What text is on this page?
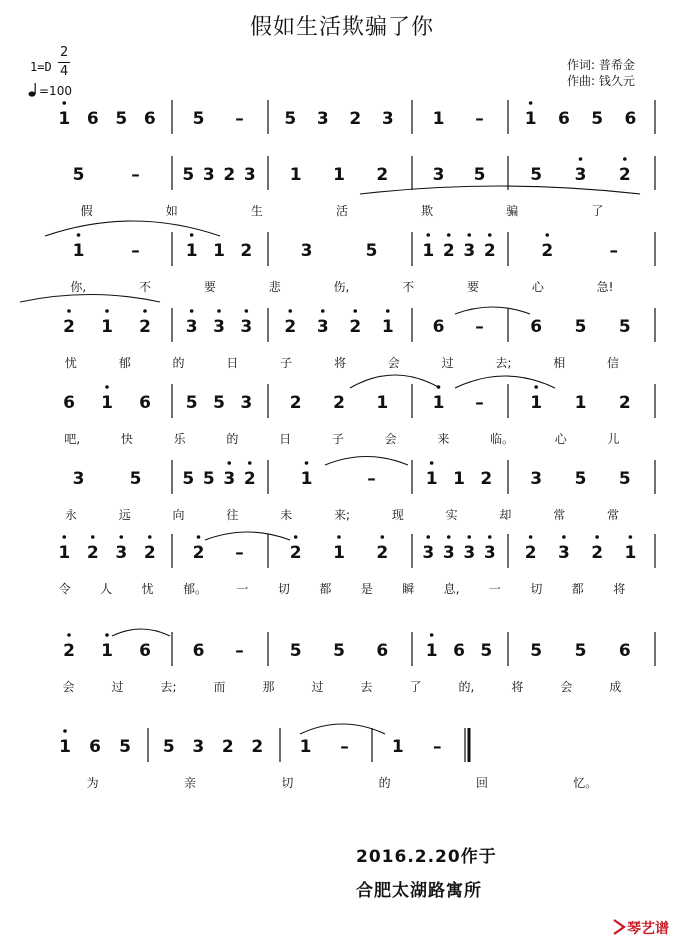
假如生活欺骗了你
1=D
2
4
=100
作词: 普希金
作曲: 钱久元
1 6 5 6 5 – 5 3 2 3 1 – 1 6 5 6
5	–	5 3 2 3 1 1 2	3 5	5 3 2
1	–	1 1 2	3	5	1 2 3 2	2	–
2 1 2 3 3 3 2 3 2 1 6 –	6 5 5
6 1 6 5 5 3 2 2 1	1 –	1 1 2
3	5 5 5 3 2	1	–	1 1 2 3 5 5
1 2 3 2 2 –	2 1 2 3 3 3 3 2 3 2 1
2 1 6 6 –	5 5 6 1 6 5 5 5 6
1 6 5 5 3 2 2 1 –	1 –
假	如	生	活	欺	骗	了
你,	不	要	悲	伤,	不	要	心	急!
忧	郁	的	日	子	将	会	过	去;	相	信
吧,	快	乐	的	日	子	会	来	临。	心	儿
永	远	向	往	未	来;	现	实	却	常	常
令 人 忧 郁。 一 切 都 是 瞬 息, 一 切 都 将
会	过	去;	而	那	过	去	了	的,	将	会	成
为	亲	切	的	回	忆。
2016.2.20作于
合肥太湖路寓所
琴艺谱
